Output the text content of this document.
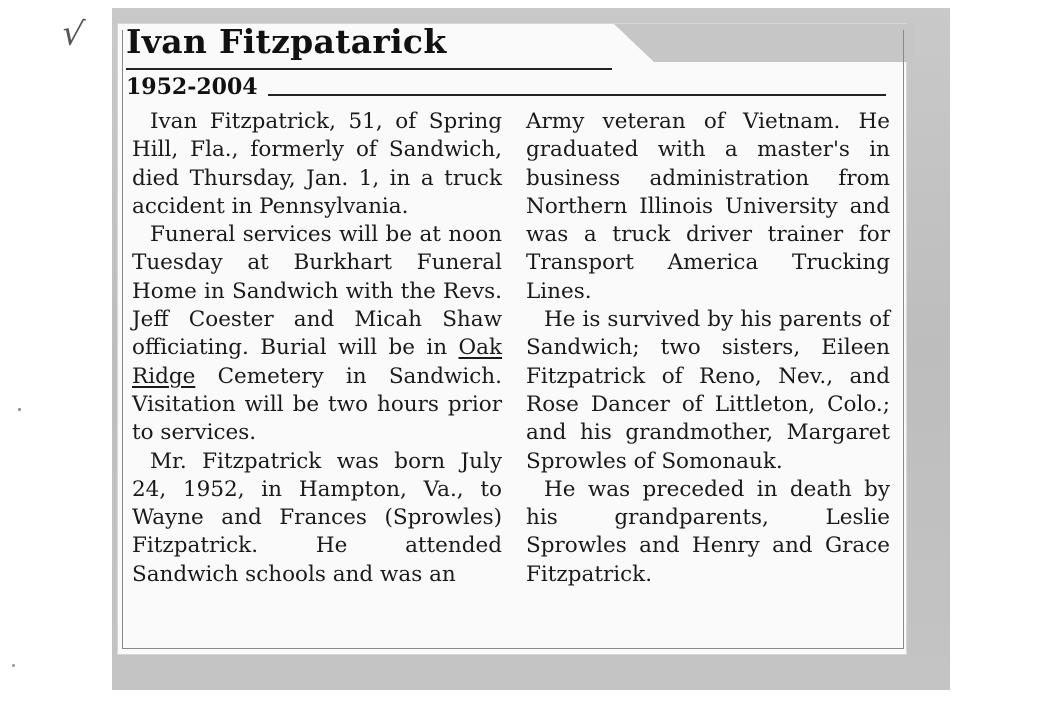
√ Ivan Fitzpatarick
1952-2004

Ivan Fitzpatrick, 51, of Spring Hill, Fla., formerly of Sandwich, died Thursday, Jan. 1, in a truck accident in Pennsylvania.

Funeral services will be at noon Tuesday at Burkhart Funeral Home in Sandwich with the Revs. Jeff Coester and Micah Shaw officiating. Burial will be in Oak Ridge Cemetery in Sandwich. Visitation will be two hours prior to services.

Mr. Fitzpatrick was born July 24, 1952, in Hampton, Va., to Wayne and Frances (Sprowles) Fitzpatrick. He attended Sandwich schools and was an

Army veteran of Vietnam. He graduated with a master's in business administration from Northern Illinois University and was a truck driver trainer for Transport America Trucking Lines.

He is survived by his parents of Sandwich; two sisters, Eileen Fitzpatrick of Reno, Nev., and Rose Dancer of Littleton, Colo.; and his grandmother, Margaret Sprowles of Somonauk.

He was preceded in death by his grandparents, Leslie Sprowles and Henry and Grace Fitzpatrick.
